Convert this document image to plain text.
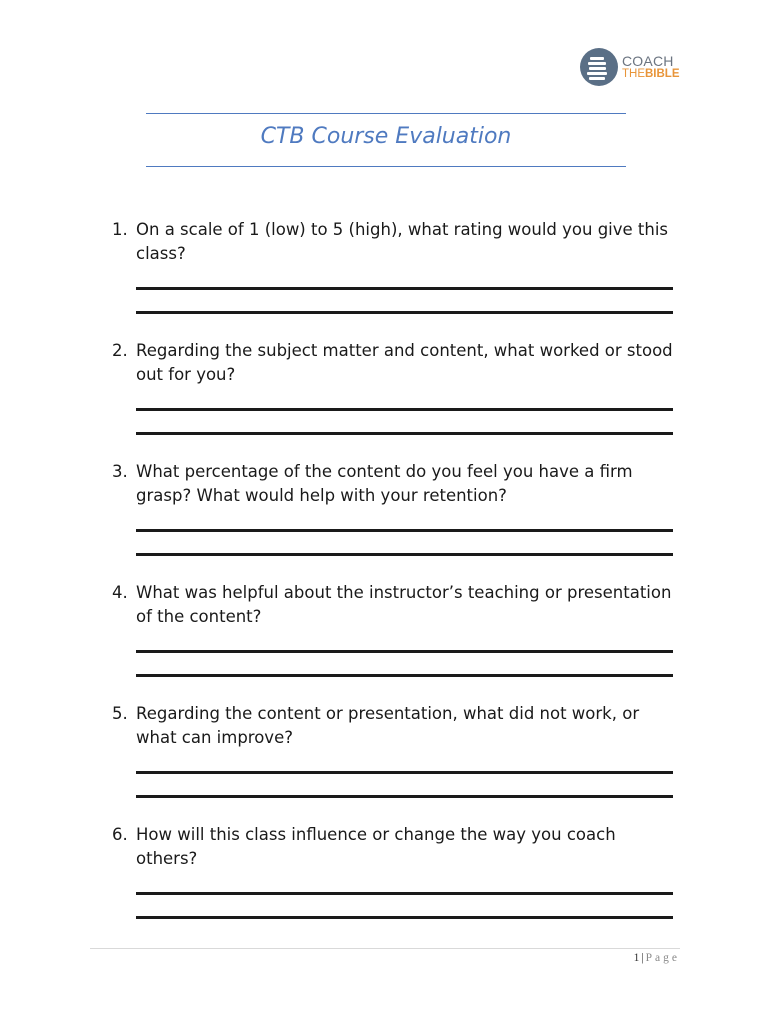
COACH
THEBIBLE
CTB Course Evaluation
1. On a scale of 1 (low) to 5 (high), what rating would you give this class?
2. Regarding the subject matter and content, what worked or stood out for you?
3. What percentage of the content do you feel you have a firm grasp? What would help with your retention?
4. What was helpful about the instructor’s teaching or presentation of the content?
5. Regarding the content or presentation, what did not work, or what can improve?
6. How will this class influence or change the way you coach others?
1 | Page
